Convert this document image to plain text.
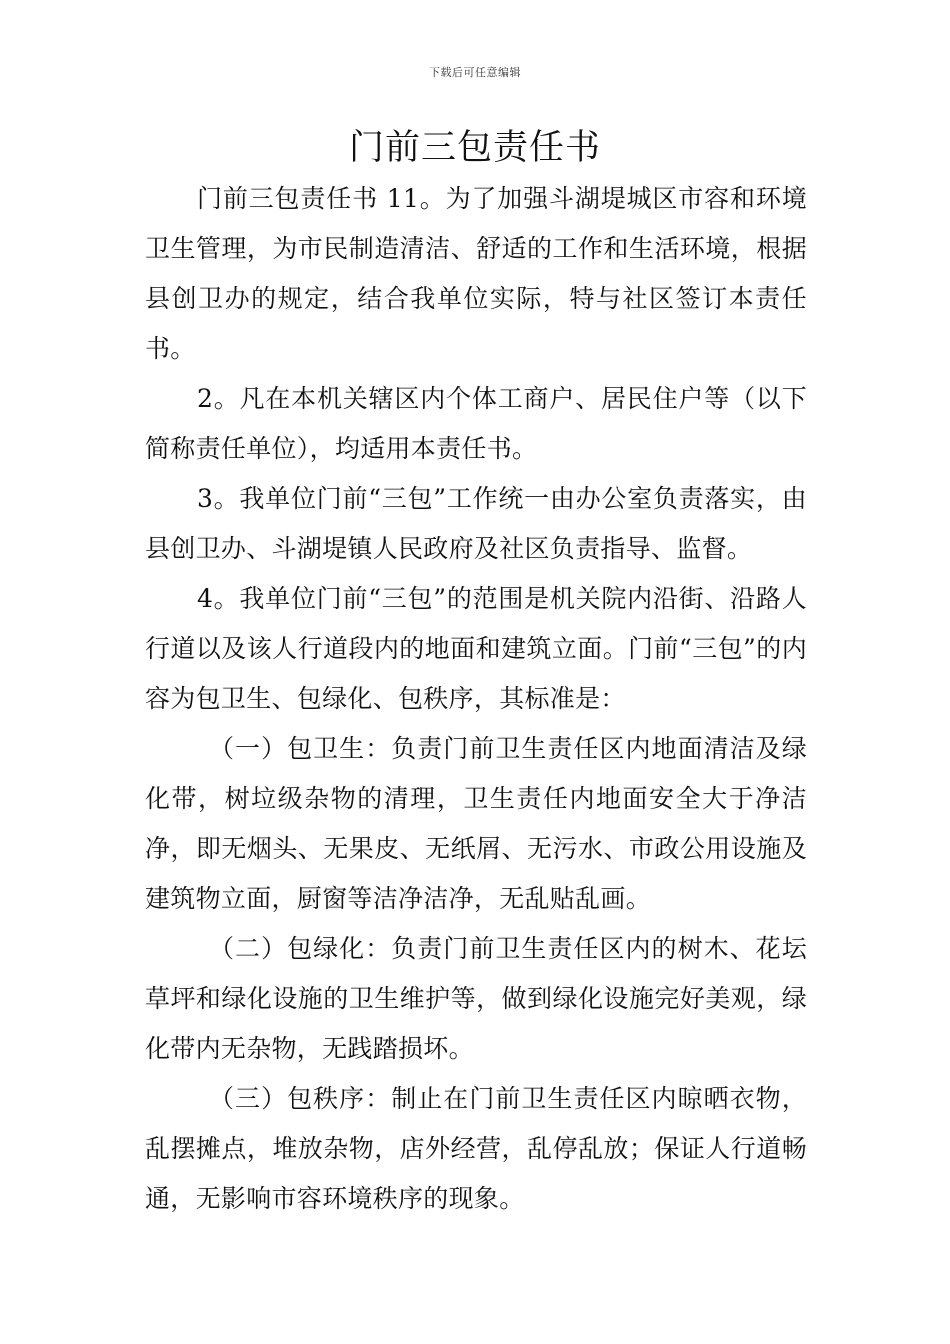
下载后可任意编辑
门前三包责任书

门前三包责任书 11。为了加强斗湖堤城区市容和环境卫生管理，为市民制造清洁、舒适的工作和生活环境，根据县创卫办的规定，结合我单位实际，特与社区签订本责任书。

2。凡在本机关辖区内个体工商户、居民住户等（以下简称责任单位），均适用本责任书。

3。我单位门前“三包”工作统一由办公室负责落实，由县创卫办、斗湖堤镇人民政府及社区负责指导、监督。

4。我单位门前“三包”的范围是机关院内沿街、沿路人行道以及该人行道段内的地面和建筑立面。门前“三包”的内容为包卫生、包绿化、包秩序，其标准是：

（一）包卫生：负责门前卫生责任区内地面清洁及绿化带，树垃级杂物的清理，卫生责任内地面安全大于净洁净，即无烟头、无果皮、无纸屑、无污水、市政公用设施及建筑物立面，厨窗等洁净洁净，无乱贴乱画。

（二）包绿化：负责门前卫生责任区内的树木、花坛草坪和绿化设施的卫生维护等，做到绿化设施完好美观，绿化带内无杂物，无践踏损坏。

（三）包秩序：制止在门前卫生责任区内晾晒衣物，乱摆摊点，堆放杂物，店外经营，乱停乱放；保证人行道畅通，无影响市容环境秩序的现象。
